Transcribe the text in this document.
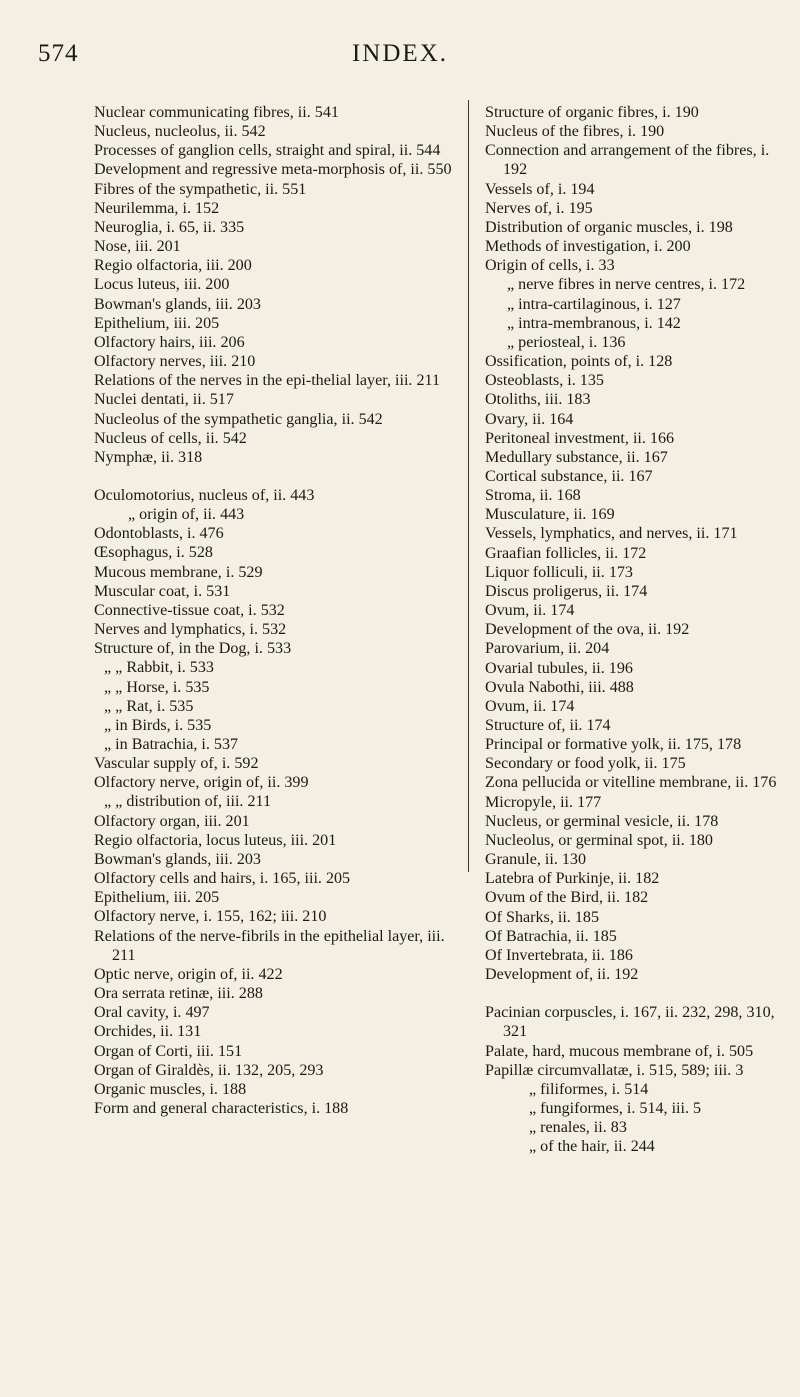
574	INDEX.
Nuclear communicating fibres, ii. 541
Nucleus, nucleolus, ii. 542
Processes of ganglion cells, straight and spiral, ii. 544
Development and regressive meta-morphosis of, ii. 550
Fibres of the sympathetic, ii. 551
Neurilemma, i. 152
Neuroglia, i. 65, ii. 335
Nose, iii. 201
Regio olfactoria, iii. 200
Locus luteus, iii. 200
Bowman's glands, iii. 203
Epithelium, iii. 205
Olfactory hairs, iii. 206
Olfactory nerves, iii. 210
Relations of the nerves in the epi-thelial layer, iii. 211
Nuclei dentati, ii. 517
Nucleolus of the sympathetic ganglia, ii. 542
Nucleus of cells, ii. 542
Nymphæ, ii. 318
Oculomotorius, nucleus of, ii. 443
„ origin of, ii. 443
Odontoblasts, i. 476
Œsophagus, i. 528
Mucous membrane, i. 529
Muscular coat, i. 531
Connective-tissue coat, i. 532
Nerves and lymphatics, i. 532
Structure of, in the Dog, i. 533
„ „ Rabbit, i. 533
„ „ Horse, i. 535
„ „ Rat, i. 535
„ in Birds, i. 535
„ in Batrachia, i. 537
Vascular supply of, i. 592
Olfactory nerve, origin of, ii. 399
„ „ distribution of, iii. 211
Olfactory organ, iii. 201
Regio olfactoria, locus luteus, iii. 201
Bowman's glands, iii. 203
Olfactory cells and hairs, i. 165, iii. 205
Epithelium, iii. 205
Olfactory nerve, i. 155, 162; iii. 210
Relations of the nerve-fibrils in the epithelial layer, iii. 211
Optic nerve, origin of, ii. 422
Ora serrata retinæ, iii. 288
Oral cavity, i. 497
Orchides, ii. 131
Organ of Corti, iii. 151
Organ of Giraldès, ii. 132, 205, 293
Organic muscles, i. 188
Form and general characteristics, i. 188
Structure of organic fibres, i. 190
Nucleus of the fibres, i. 190
Connection and arrangement of the fibres, i. 192
Vessels of, i. 194
Nerves of, i. 195
Distribution of organic muscles, i. 198
Methods of investigation, i. 200
Origin of cells, i. 33
„ nerve fibres in nerve centres, i. 172
„ intra-cartilaginous, i. 127
„ intra-membranous, i. 142
„ periosteal, i. 136
Ossification, points of, i. 128
Osteoblasts, i. 135
Otoliths, iii. 183
Ovary, ii. 164
Peritoneal investment, ii. 166
Medullary substance, ii. 167
Cortical substance, ii. 167
Stroma, ii. 168
Musculature, ii. 169
Vessels, lymphatics, and nerves, ii. 171
Graafian follicles, ii. 172
Liquor folliculi, ii. 173
Discus proligerus, ii. 174
Ovum, ii. 174
Development of the ova, ii. 192
Parovarium, ii. 204
Ovarial tubules, ii. 196
Ovula Nabothi, iii. 488
Ovum, ii. 174
Structure of, ii. 174
Principal or formative yolk, ii. 175, 178
Secondary or food yolk, ii. 175
Zona pellucida or vitelline membrane, ii. 176
Micropyle, ii. 177
Nucleus, or germinal vesicle, ii. 178
Nucleolus, or germinal spot, ii. 180
Granule, ii. 130
Latebra of Purkinje, ii. 182
Ovum of the Bird, ii. 182
Of Sharks, ii. 185
Of Batrachia, ii. 185
Of Invertebrata, ii. 186
Development of, ii. 192
Pacinian corpuscles, i. 167, ii. 232, 298, 310, 321
Palate, hard, mucous membrane of, i. 505
Papillæ circumvallatæ, i. 515, 589; iii. 3
„ filiformes, i. 514
„ fungiformes, i. 514, iii. 5
„ renales, ii. 83
„ of the hair, ii. 244
